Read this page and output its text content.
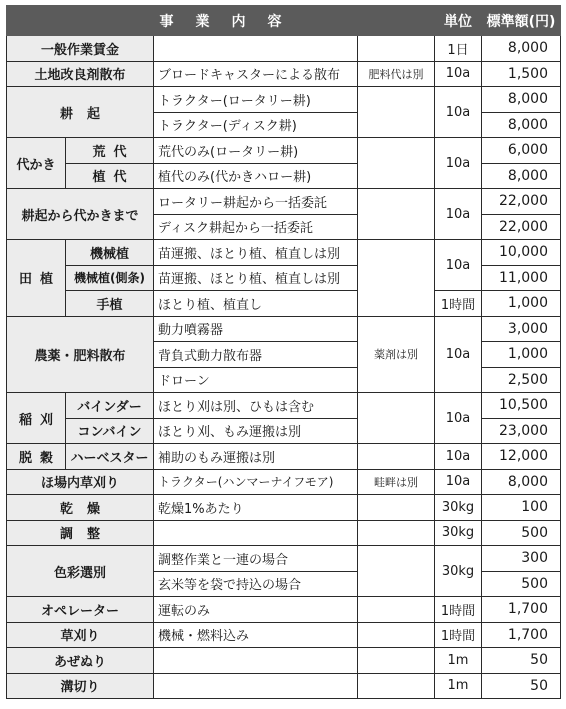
事業内容				単位	標準額(円)
一般作業賃金				1日	8,000
土地改良剤散布		ブロードキャスターによる散布	肥料代は別	10a	1,500
耕起		トラクター(ロータリー耕)		10a	8,000
		トラクター(ディスク耕)			8,000
代かき	荒代	荒代のみ(ロータリー耕)		10a	6,000
	植代	植代のみ(代かきハロー耕)			8,000
耕起から代かきまで		ロータリー耕起から一括委託		10a	22,000
		ディスク耕起から一括委託			22,000
田植	機械植	苗運搬、ほとり植、植直しは別		10a	10,000
	機械植(側条)	苗運搬、ほとり植、植直しは別			11,000
	手植	ほとり植、植直し		1時間	1,000
農薬・肥料散布		動力噴霧器	薬剤は別	10a	3,000
		背負式動力散布器			1,000
		ドローン			2,500
稲刈	バインダー	ほとり刈は別、ひもは含む		10a	10,500
	コンバイン	ほとり刈、もみ運搬は別			23,000
脱穀	ハーベスター	補助のもみ運搬は別		10a	12,000
ほ場内草刈り		トラクター(ハンマーナイフモア)	畦畔は別	10a	8,000
乾燥		乾燥1%あたり		30kg	100
調整				30kg	500
色彩選別		調整作業と一連の場合		30kg	300
		玄米等を袋で持込の場合			500
オペレーター		運転のみ		1時間	1,700
草刈り		機械・燃料込み		1時間	1,700
あぜぬり				1m	50
溝切り				1m	50
